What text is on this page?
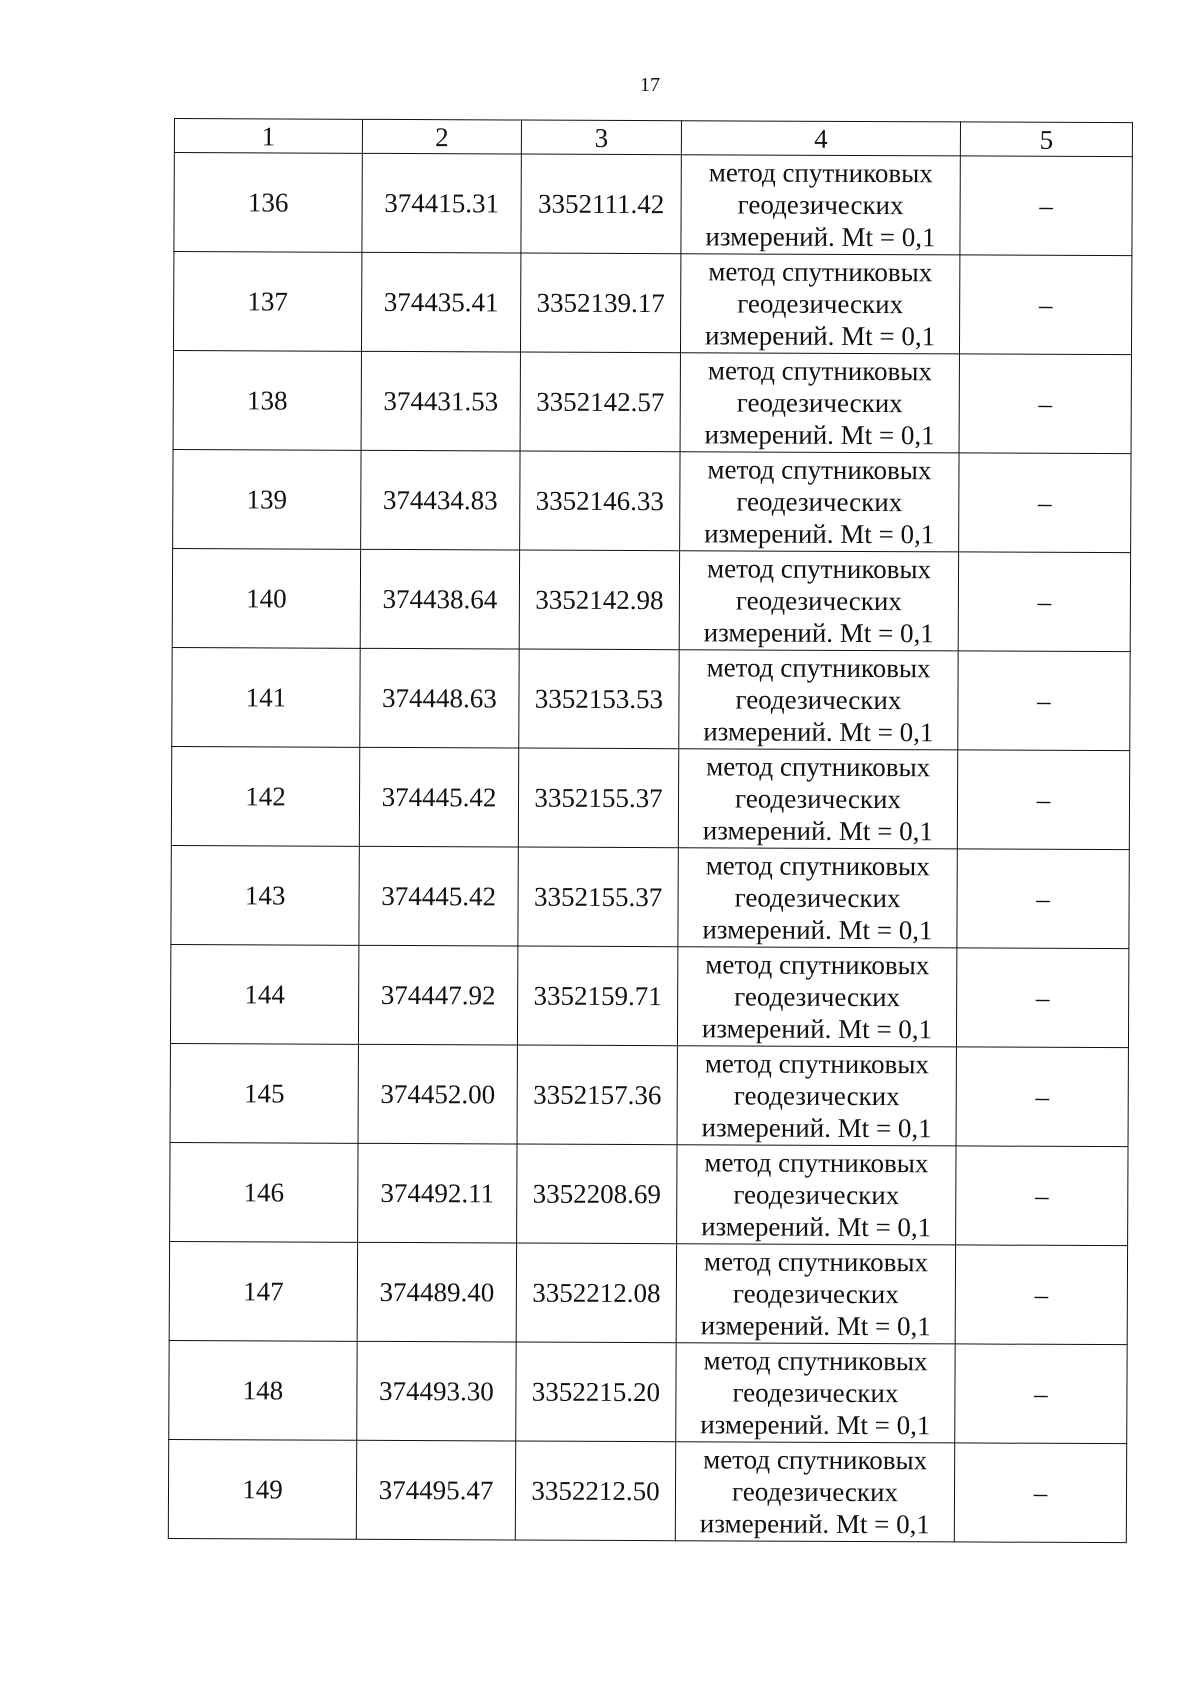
17
1	2	3	4	5
136	374415.31	3352111.42	метод спутниковых
геодезических
измерений. Mt = 0,1	–
137	374435.41	3352139.17	метод спутниковых
геодезических
измерений. Mt = 0,1	–
138	374431.53	3352142.57	метод спутниковых
геодезических
измерений. Mt = 0,1	–
139	374434.83	3352146.33	метод спутниковых
геодезических
измерений. Mt = 0,1	–
140	374438.64	3352142.98	метод спутниковых
геодезических
измерений. Mt = 0,1	–
141	374448.63	3352153.53	метод спутниковых
геодезических
измерений. Mt = 0,1	–
142	374445.42	3352155.37	метод спутниковых
геодезических
измерений. Mt = 0,1	–
143	374445.42	3352155.37	метод спутниковых
геодезических
измерений. Mt = 0,1	–
144	374447.92	3352159.71	метод спутниковых
геодезических
измерений. Mt = 0,1	–
145	374452.00	3352157.36	метод спутниковых
геодезических
измерений. Mt = 0,1	–
146	374492.11	3352208.69	метод спутниковых
геодезических
измерений. Mt = 0,1	–
147	374489.40	3352212.08	метод спутниковых
геодезических
измерений. Mt = 0,1	–
148	374493.30	3352215.20	метод спутниковых
геодезических
измерений. Mt = 0,1	–
149	374495.47	3352212.50	метод спутниковых
геодезических
измерений. Mt = 0,1	–
